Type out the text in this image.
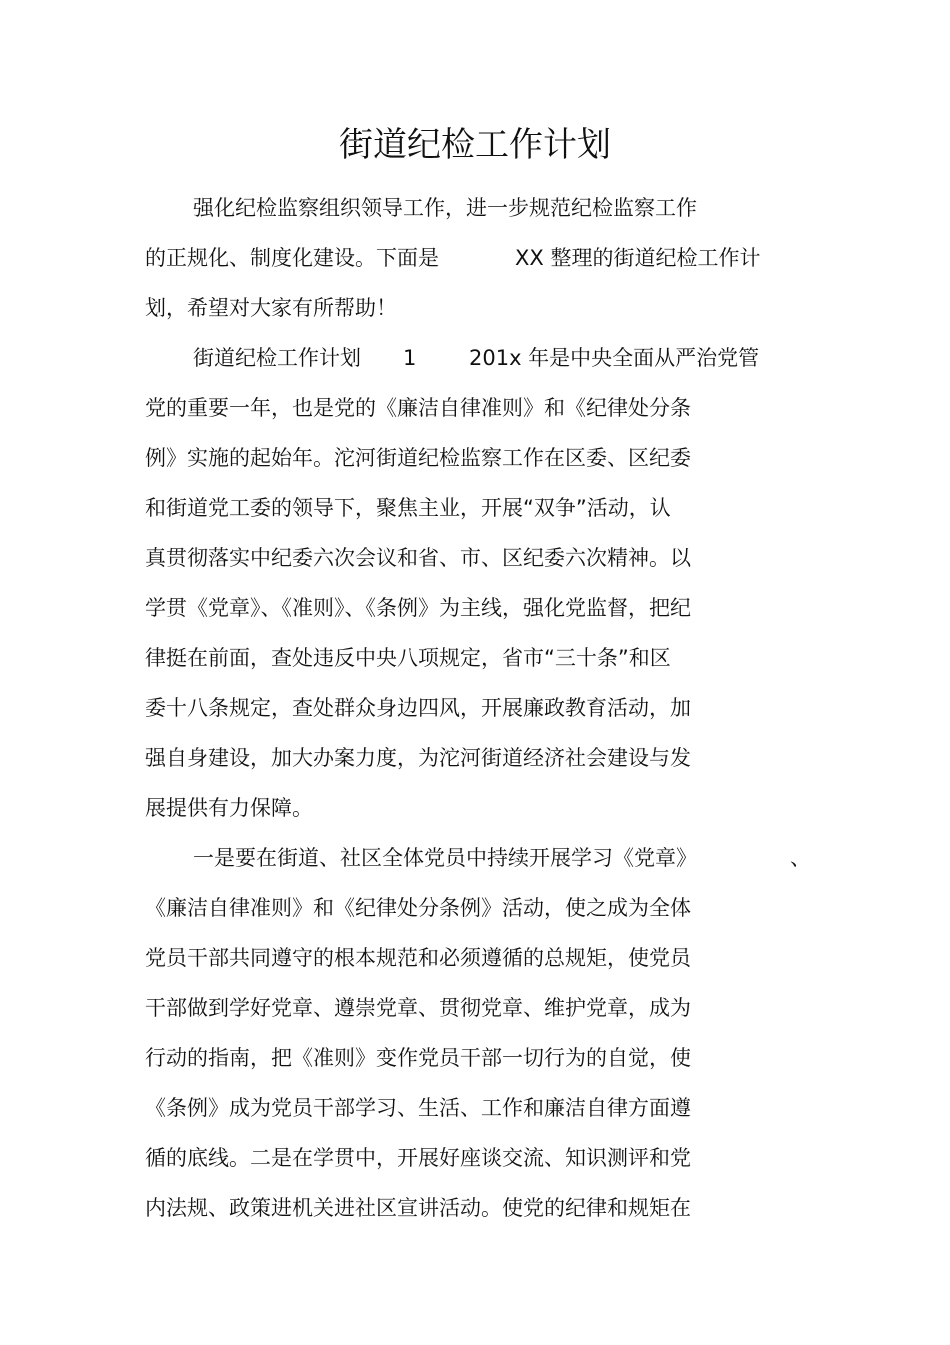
街道纪检工作计划
强化纪检监察组织领导工作，进一步规范纪检监察工作
的正规化、制度化建设。下面是	XX 整理的街道纪检工作计
划，希望对大家有所帮助！
街道纪检工作计划 1	201x 年是中央全面从严治党管
党的重要一年，也是党的《廉洁自律准则》和《纪律处分条
例》实施的起始年。沱河街道纪检监察工作在区委、区纪委
和街道党工委的领导下，聚焦主业，开展“双争”活动，认
真贯彻落实中纪委六次会议和省、市、区纪委六次精神。以
学贯《党章》、《准则》、《条例》为主线，强化党监督，把纪
律挺在前面，查处违反中央八项规定，省市“三十条”和区
委十八条规定，查处群众身边四风，开展廉政教育活动，加
强自身建设，加大办案力度，为沱河街道经济社会建设与发
展提供有力保障。
一是要在街道、社区全体党员中持续开展学习《党章》	、
《廉洁自律准则》和《纪律处分条例》活动，使之成为全体
党员干部共同遵守的根本规范和必须遵循的总规矩，使党员
干部做到学好党章、遵崇党章、贯彻党章、维护党章，成为
行动的指南，把《准则》变作党员干部一切行为的自觉，使
《条例》成为党员干部学习、生活、工作和廉洁自律方面遵
循的底线。二是在学贯中，开展好座谈交流、知识测评和党
内法规、政策进机关进社区宣讲活动。使党的纪律和规矩在
